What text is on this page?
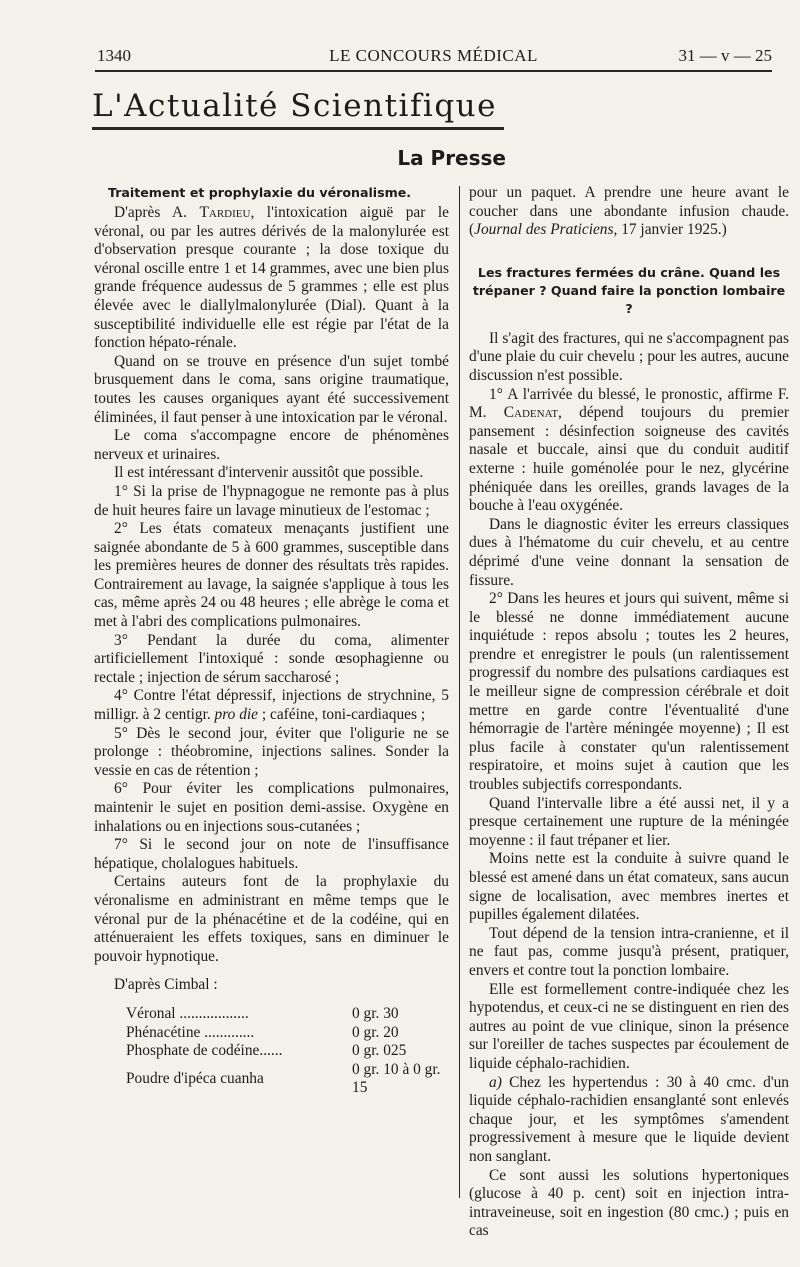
1340	LE CONCOURS MÉDICAL	31 — v — 25
L'Actualité Scientifique
La Presse
Traitement et prophylaxie du véronalisme.

D'après A. Tardieu, l'intoxication aiguë par le véronal, ou par les autres dérivés de la malonylurée est d'observation presque courante ; la dose toxique du véronal oscille entre 1 et 14 grammes, avec une bien plus grande fréquence audessus de 5 grammes ; elle est plus élevée avec le diallylmalonylurée (Dial). Quant à la susceptibilité individuelle elle est régie par l'état de la fonction hépato-rénale.

Quand on se trouve en présence d'un sujet tombé brusquement dans le coma, sans origine traumatique, toutes les causes organiques ayant été successivement éliminées, il faut penser à une intoxication par le véronal.

Le coma s'accompagne encore de phénomènes nerveux et urinaires.

Il est intéressant d'intervenir aussitôt que possible.

1° Si la prise de l'hypnagogue ne remonte pas à plus de huit heures faire un lavage minutieux de l'estomac ;

2° Les états comateux menaçants justifient une saignée abondante de 5 à 600 grammes, susceptible dans les premières heures de donner des résultats très rapides. Contrairement au lavage, la saignée s'applique à tous les cas, même après 24 ou 48 heures ; elle abrège le coma et met à l'abri des complications pulmonaires.

3° Pendant la durée du coma, alimenter artificiellement l'intoxiqué : sonde œsophagienne ou rectale ; injection de sérum saccharosé ;

4° Contre l'état dépressif, injections de strychnine, 5 milligr. à 2 centigr. pro die ; caféine, toni-cardiaques ;

5° Dès le second jour, éviter que l'oligurie ne se prolonge : théobromine, injections salines. Sonder la vessie en cas de rétention ;

6° Pour éviter les complications pulmonaires, maintenir le sujet en position demi-assise. Oxygène en inhalations ou en injections sous-cutanées ;

7° Si le second jour on note de l'insuffisance hépatique, cholalogues habituels.

Certains auteurs font de la prophylaxie du véronalisme en administrant en même temps que le véronal pur de la phénacétine et de la codéine, qui en atténueraient les effets toxiques, sans en diminuer le pouvoir hypnotique.

D'après Cimbal :

Véronal ..................	0 gr. 30
Phénacétine .............	0 gr. 20
Phosphate de codéine......	0 gr. 025
Poudre d'ipéca cuanha	0 gr. 10 à 0 gr. 15

pour un paquet. A prendre une heure avant le coucher dans une abondante infusion chaude. (Journal des Praticiens, 17 janvier 1925.)

Les fractures fermées du crâne. Quand les trépaner ? Quand faire la ponction lombaire ?

Il s'agit des fractures, qui ne s'accompagnent pas d'une plaie du cuir chevelu ; pour les autres, aucune discussion n'est possible.

1° A l'arrivée du blessé, le pronostic, affirme F. M. Cadenat, dépend toujours du premier pansement : désinfection soigneuse des cavités nasale et buccale, ainsi que du conduit auditif externe : huile goménolée pour le nez, glycérine phéniquée dans les oreilles, grands lavages de la bouche à l'eau oxygénée.

Dans le diagnostic éviter les erreurs classiques dues à l'hématome du cuir chevelu, et au centre déprimé d'une veine donnant la sensation de fissure.

2° Dans les heures et jours qui suivent, même si le blessé ne donne immédiatement aucune inquiétude : repos absolu ; toutes les 2 heures, prendre et enregistrer le pouls (un ralentissement progressif du nombre des pulsations cardiaques est le meilleur signe de compression cérébrale et doit mettre en garde contre l'éventualité d'une hémorragie de l'artère méningée moyenne) ; Il est plus facile à constater qu'un ralentissement respiratoire, et moins sujet à caution que les troubles subjectifs correspondants.

Quand l'intervalle libre a été aussi net, il y a presque certainement une rupture de la méningée moyenne : il faut trépaner et lier.

Moins nette est la conduite à suivre quand le blessé est amené dans un état comateux, sans aucun signe de localisation, avec membres inertes et pupilles également dilatées.

Tout dépend de la tension intra-cranienne, et il ne faut pas, comme jusqu'à présent, pratiquer, envers et contre tout la ponction lombaire.

Elle est formellement contre-indiquée chez les hypotendus, et ceux-ci ne se distinguent en rien des autres au point de vue clinique, sinon la présence sur l'oreiller de taches suspectes par écoulement de liquide céphalo-rachidien.

a) Chez les hypertendus : 30 à 40 cmc. d'un liquide céphalo-rachidien ensanglanté sont enlevés chaque jour, et les symptômes s'amendent progressivement à mesure que le liquide devient non sanglant.

Ce sont aussi les solutions hypertoniques (glucose à 40 p. cent) soit en injection intra-intraveineuse, soit en ingestion (80 cmc.) ; puis en cas
